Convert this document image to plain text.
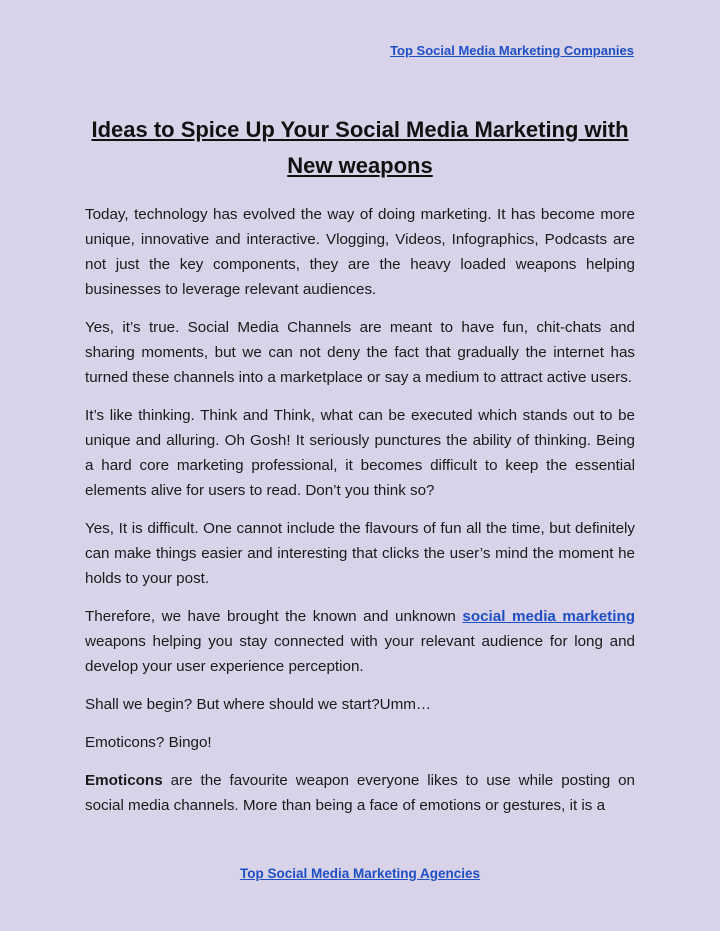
Top Social Media Marketing Companies
Ideas to Spice Up Your Social Media Marketing with New weapons

Today, technology has evolved the way of doing marketing. It has become more unique, innovative and interactive. Vlogging, Videos, Infographics, Podcasts are not just the key components, they are the heavy loaded weapons helping businesses to leverage relevant audiences.

Yes, it’s true. Social Media Channels are meant to have fun, chit-chats and sharing moments, but we can not deny the fact that gradually the internet has turned these channels into a marketplace or say a medium to attract active users.

It’s like thinking. Think and Think, what can be executed which stands out to be unique and alluring. Oh Gosh! It seriously punctures the ability of thinking. Being a hard core marketing professional, it becomes difficult to keep the essential elements alive for users to read. Don’t you think so?

Yes, It is difficult. One cannot include the flavours of fun all the time, but definitely can make things easier and interesting that clicks the user’s mind the moment he holds to your post.

Therefore, we have brought the known and unknown social media marketing weapons helping you stay connected with your relevant audience for long and develop your user experience perception.

Shall we begin? But where should we start?Umm…

Emoticons? Bingo!

Emoticons are the favourite weapon everyone likes to use while posting on social media channels. More than being a face of emotions or gestures, it is a

Top Social Media Marketing Agencies
